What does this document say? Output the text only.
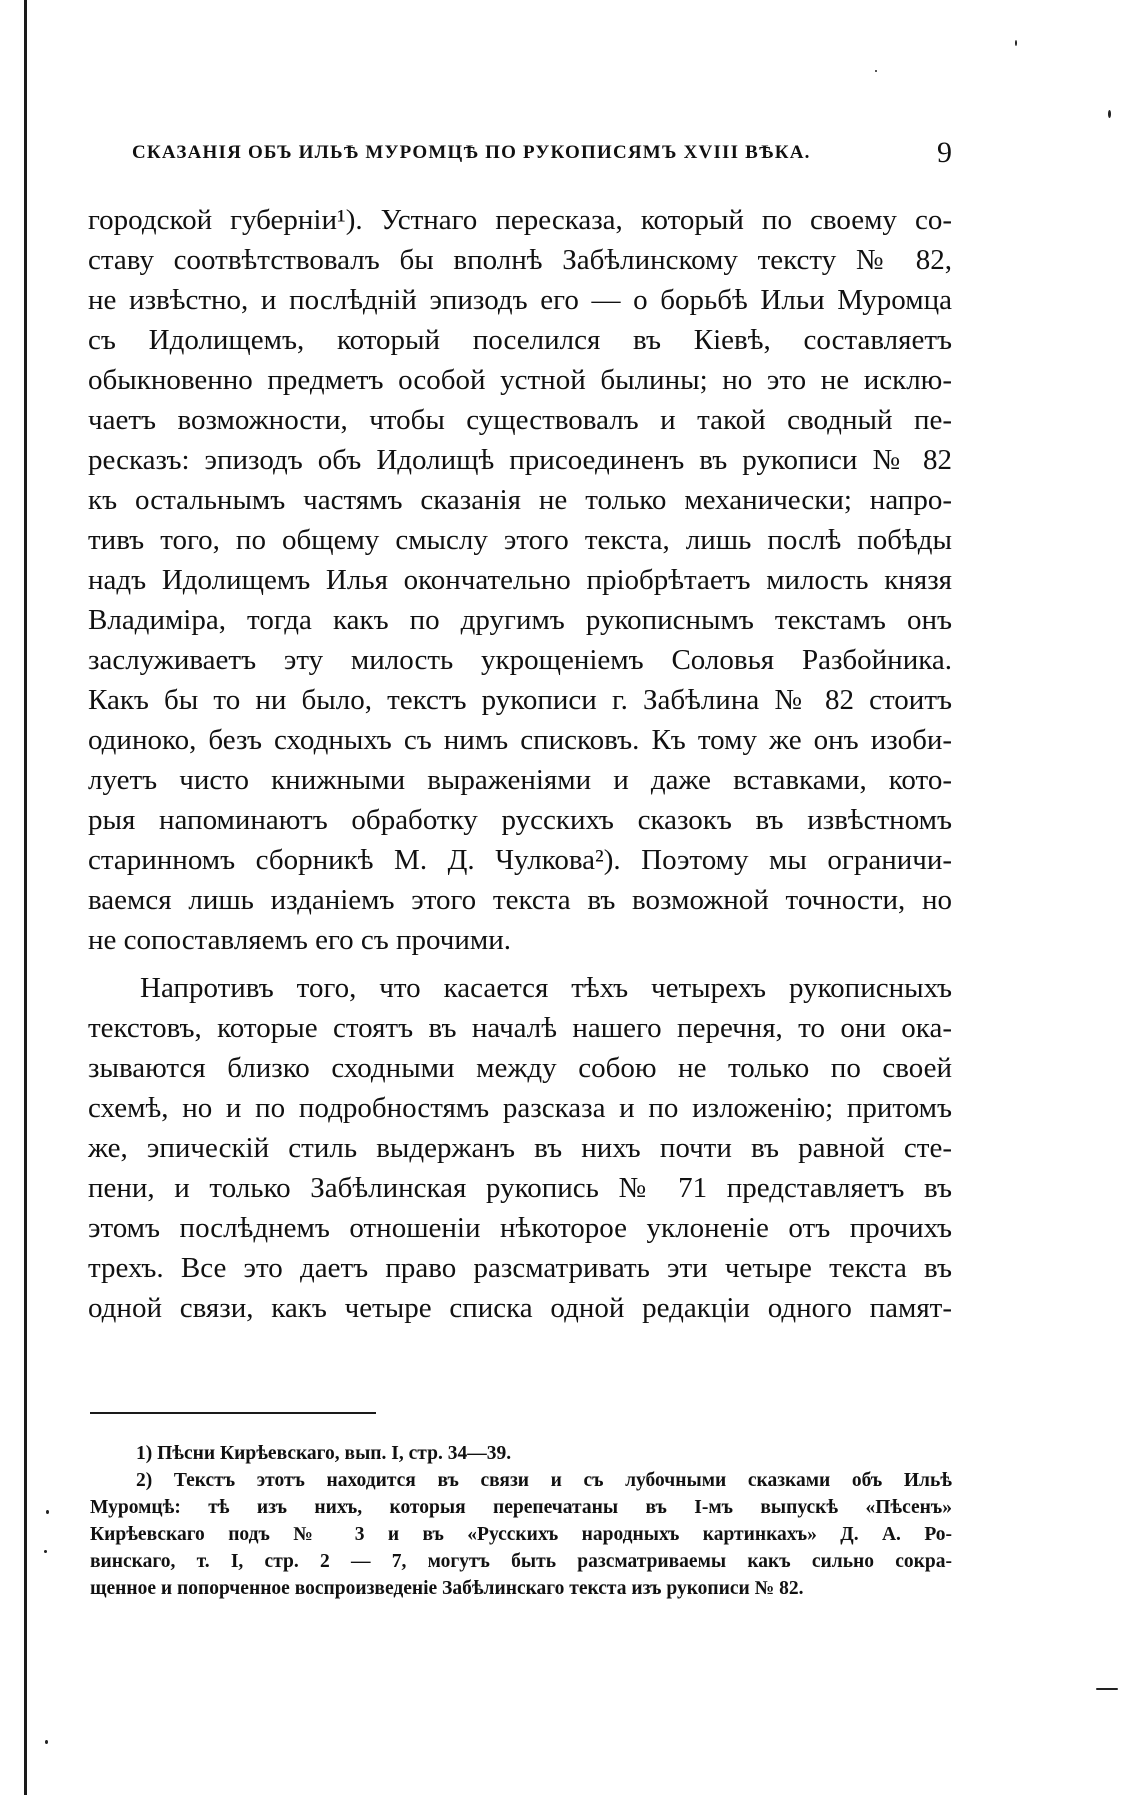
СКАЗАНІЯ ОБЪ ИЛЬѢ МУРОМЦѢ ПО РУКОПИСЯМЪ XVIII ВѢКА.	9
городской губерніи¹). Устнаго пересказа, который по своему со-
ставу соотвѣтствовалъ бы вполнѣ Забѣлинскому тексту № 82,
не извѣстно, и послѣдній эпизодъ его — о борьбѣ Ильи Муромца
съ Идолищемъ, который поселился въ Кіевѣ, составляетъ
обыкновенно предметъ особой устной былины; но это не исклю-
чаетъ возможности, чтобы существовалъ и такой сводный пе-
ресказъ: эпизодъ объ Идолищѣ присоединенъ въ рукописи № 82
къ остальнымъ частямъ сказанія не только механически; напро-
тивъ того, по общему смыслу этого текста, лишь послѣ побѣды
надъ Идолищемъ Илья окончательно пріобрѣтаетъ милость князя
Владиміра, тогда какъ по другимъ рукописнымъ текстамъ онъ
заслуживаетъ эту милость укрощеніемъ Соловья Разбойника.
Какъ бы то ни было, текстъ рукописи г. Забѣлина № 82 стоитъ
одиноко, безъ сходныхъ съ нимъ списковъ. Къ тому же онъ изоби-
луетъ чисто книжными выраженіями и даже вставками, кото-
рыя напоминаютъ обработку русскихъ сказокъ въ извѣстномъ
старинномъ сборникѣ М. Д. Чулкова²). Поэтому мы ограничи-
ваемся лишь изданіемъ этого текста въ возможной точности, но
не сопоставляемъ его съ прочими.
Напротивъ того, что касается тѣхъ четырехъ рукописныхъ
текстовъ, которые стоятъ въ началѣ нашего перечня, то они ока-
зываются близко сходными между собою не только по своей
схемѣ, но и по подробностямъ разсказа и по изложенію; притомъ
же, эпическій стиль выдержанъ въ нихъ почти въ равной сте-
пени, и только Забѣлинская рукопись № 71 представляетъ въ
этомъ послѣднемъ отношеніи нѣкоторое уклоненіе отъ прочихъ
трехъ. Все это даетъ право разсматривать эти четыре текста въ
одной связи, какъ четыре списка одной редакціи одного памят-
1) Пѣсни Кирѣевскаго, вып. I, стр. 34—39.
2) Текстъ этотъ находится въ связи и съ лубочными сказками объ Ильѣ
Муромцѣ: тѣ изъ нихъ, которыя перепечатаны въ I-мъ выпускѣ «Пѣсенъ»
Кирѣевскаго подъ № 3 и въ «Русскихъ народныхъ картинкахъ» Д. А. Ро-
винскаго, т. I, стр. 2 — 7, могутъ быть разсматриваемы какъ сильно сокра-
щенное и попорченное воспроизведеніе Забѣлинскаго текста изъ рукописи № 82.
